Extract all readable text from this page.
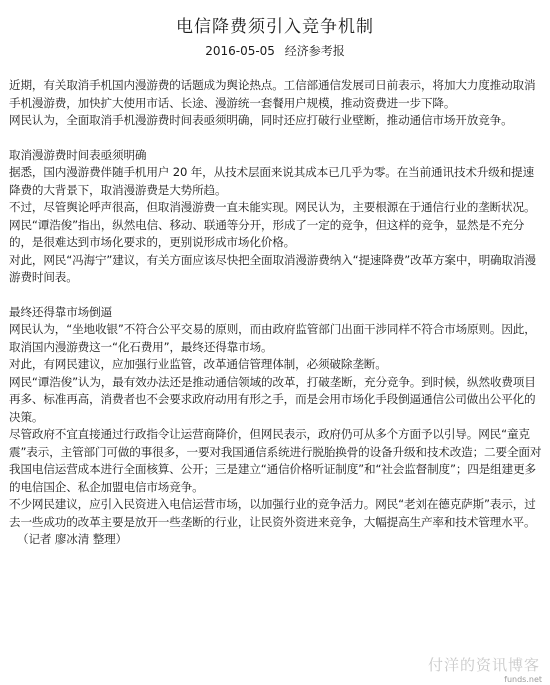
电信降费须引入竞争机制
2016-05-05 经济参考报

近期，有关取消手机国内漫游费的话题成为舆论热点。工信部通信发展司日前表示，将加大力度推动取消手机漫游费，加快扩大使用市话、长途、漫游统一套餐用户规模，推动资费进一步下降。

网民认为，全面取消手机漫游费时间表亟须明确，同时还应打破行业壁断，推动通信市场开放竞争。

取消漫游费时间表亟须明确

据悉，国内漫游费伴随手机用户 20 年，从技术层面来说其成本已几乎为零。在当前通讯技术升级和提速降费的大背景下，取消漫游费是大势所趋。

不过，尽管舆论呼声很高，但取消漫游费一直未能实现。网民认为，主要根源在于通信行业的垄断状况。

网民“谭浩俊”指出，纵然电信、移动、联通等分开，形成了一定的竞争，但这样的竞争，显然是不充分的，是很难达到市场化要求的，更别说形成市场化价格。

对此，网民“冯海宁”建议，有关方面应该尽快把全面取消漫游费纳入“提速降费”改革方案中，明确取消漫游费时间表。

最终还得靠市场倒逼

网民认为，“坐地收银”不符合公平交易的原则，而由政府监管部门出面干涉同样不符合市场原则。因此，取消国内漫游费这一“化石费用”，最终还得靠市场。

对此，有网民建议，应加强行业监管，改革通信管理体制，必须破除垄断。

网民“谭浩俊”认为，最有效办法还是推动通信领域的改革，打破垄断，充分竞争。到时候，纵然收费项目再多、标准再高，消费者也不会要求政府动用有形之手，而是会用市场化手段倒逼通信公司做出公平化的决策。

尽管政府不宜直接通过行政指令让运营商降价，但网民表示，政府仍可从多个方面予以引导。网民“童克震”表示，主管部门可做的事很多，一要对我国通信系统进行脱胎换骨的设备升级和技术改造；二要全面对我国电信运营成本进行全面核算、公开；三是建立“通信价格听证制度”和“社会监督制度”；四是组建更多的电信国企、私企加盟电信市场竞争。

不少网民建议，应引入民资进入电信运营市场，以加强行业的竞争活力。网民“老刘在德克萨斯”表示，过去一些成功的改革主要是放开一些垄断的行业，让民资外资进来竞争，大幅提高生产率和技术管理水平。

（记者 廖冰清 整理）

付洋的资讯博客
funds.net
